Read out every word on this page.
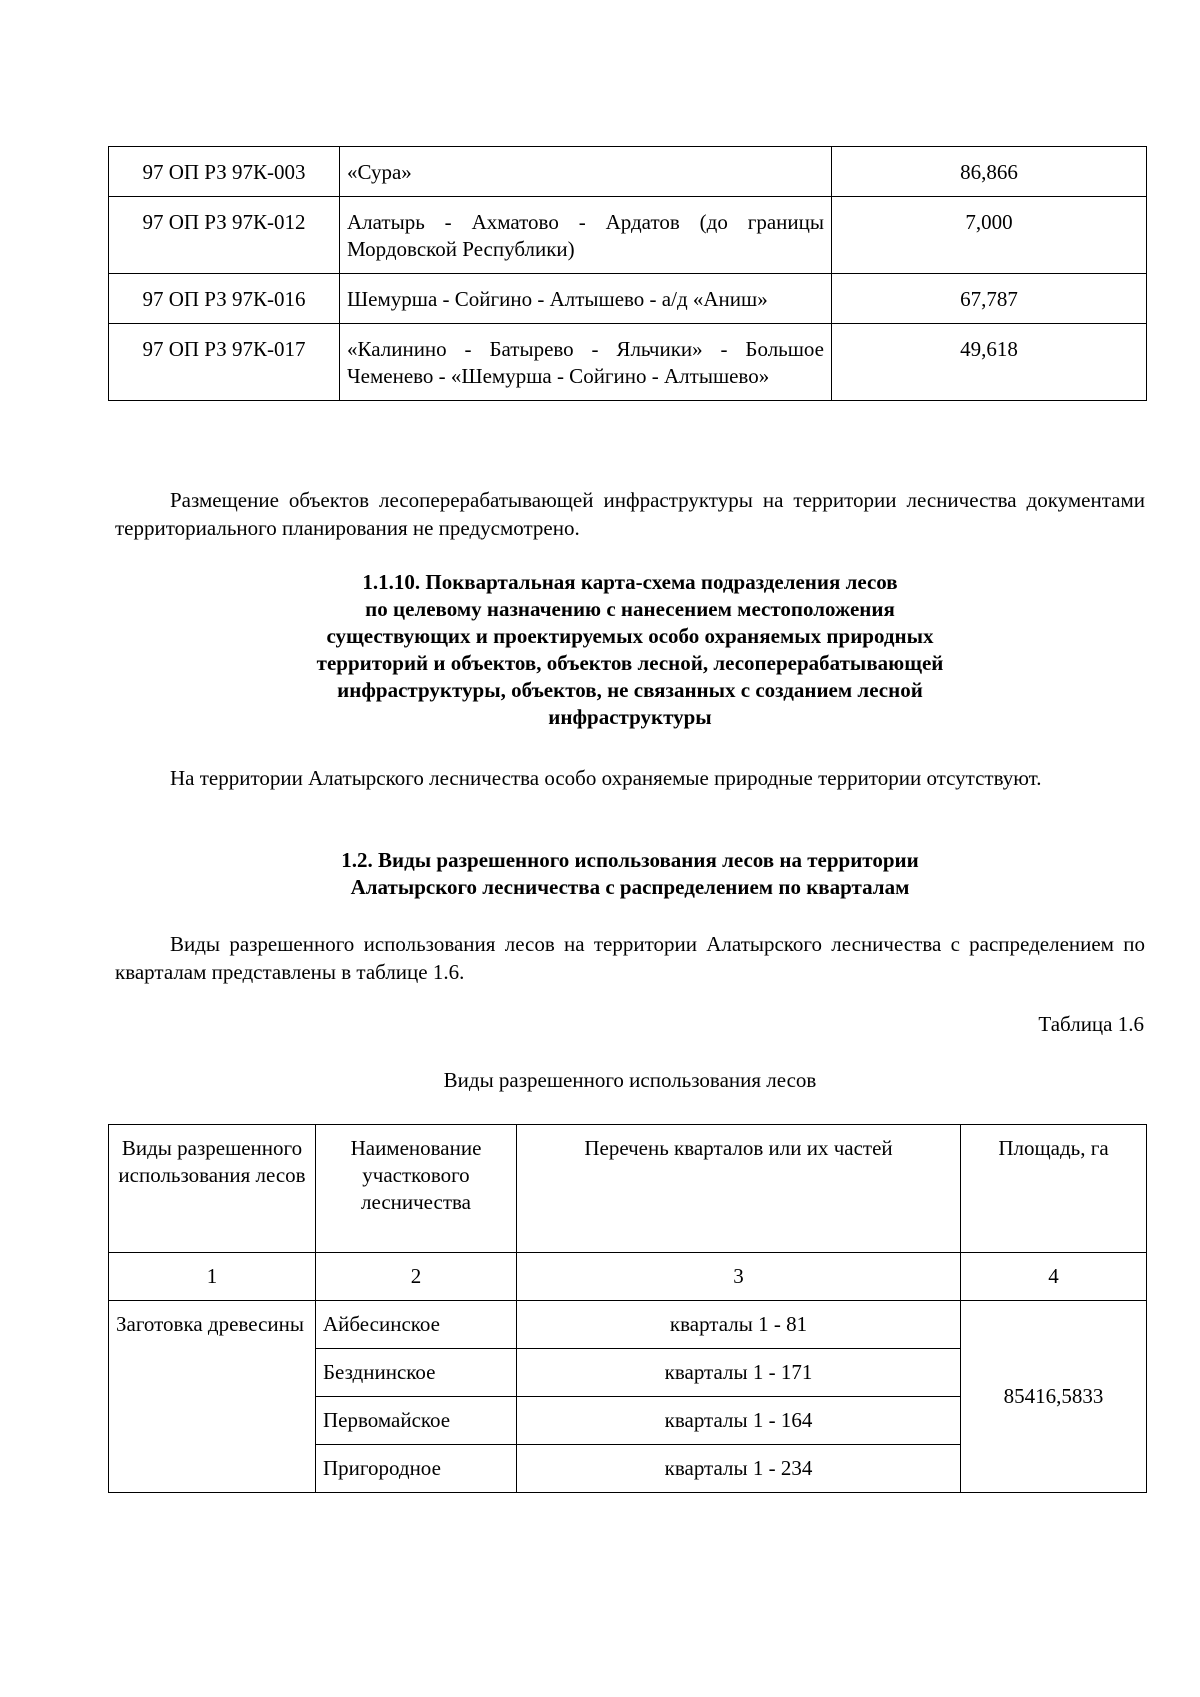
97 ОП РЗ 97К-003	«Сура»	86,866
97 ОП РЗ 97К-012	Алатырь - Ахматово - Ардатов (до границы Мордовской Республики)	7,000
97 ОП РЗ 97К-016	Шемурша - Сойгино - Алтышево - а/д «Аниш»	67,787
97 ОП РЗ 97К-017	«Калинино - Батырево - Яльчики» - Большое Чеменево - «Шемурша - Сойгино - Алтышево»	49,618

Размещение объектов лесоперерабатывающей инфраструктуры на территории лесничества документами территориального планирования не предусмотрено.

1.1.10. Поквартальная карта-схема подразделения лесов
по целевому назначению с нанесением местоположения
существующих и проектируемых особо охраняемых природных
территорий и объектов, объектов лесной, лесоперерабатывающей
инфраструктуры, объектов, не связанных с созданием лесной
инфраструктуры

На территории Алатырского лесничества особо охраняемые природные территории отсутствуют.

1.2. Виды разрешенного использования лесов на территории
Алатырского лесничества с распределением по кварталам

Виды разрешенного использования лесов на территории Алатырского лесничества с распределением по кварталам представлены в таблице 1.6.

Таблица 1.6

Виды разрешенного использования лесов

Виды разрешенного использования лесов	Наименование участкового лесничества	Перечень кварталов или их частей	Площадь, га
1	2	3	4
Заготовка древесины	Айбесинское	кварталы 1 - 81	85416,5833
	Безднинское	кварталы 1 - 171	
	Первомайское	кварталы 1 - 164	
	Пригородное	кварталы 1 - 234	
